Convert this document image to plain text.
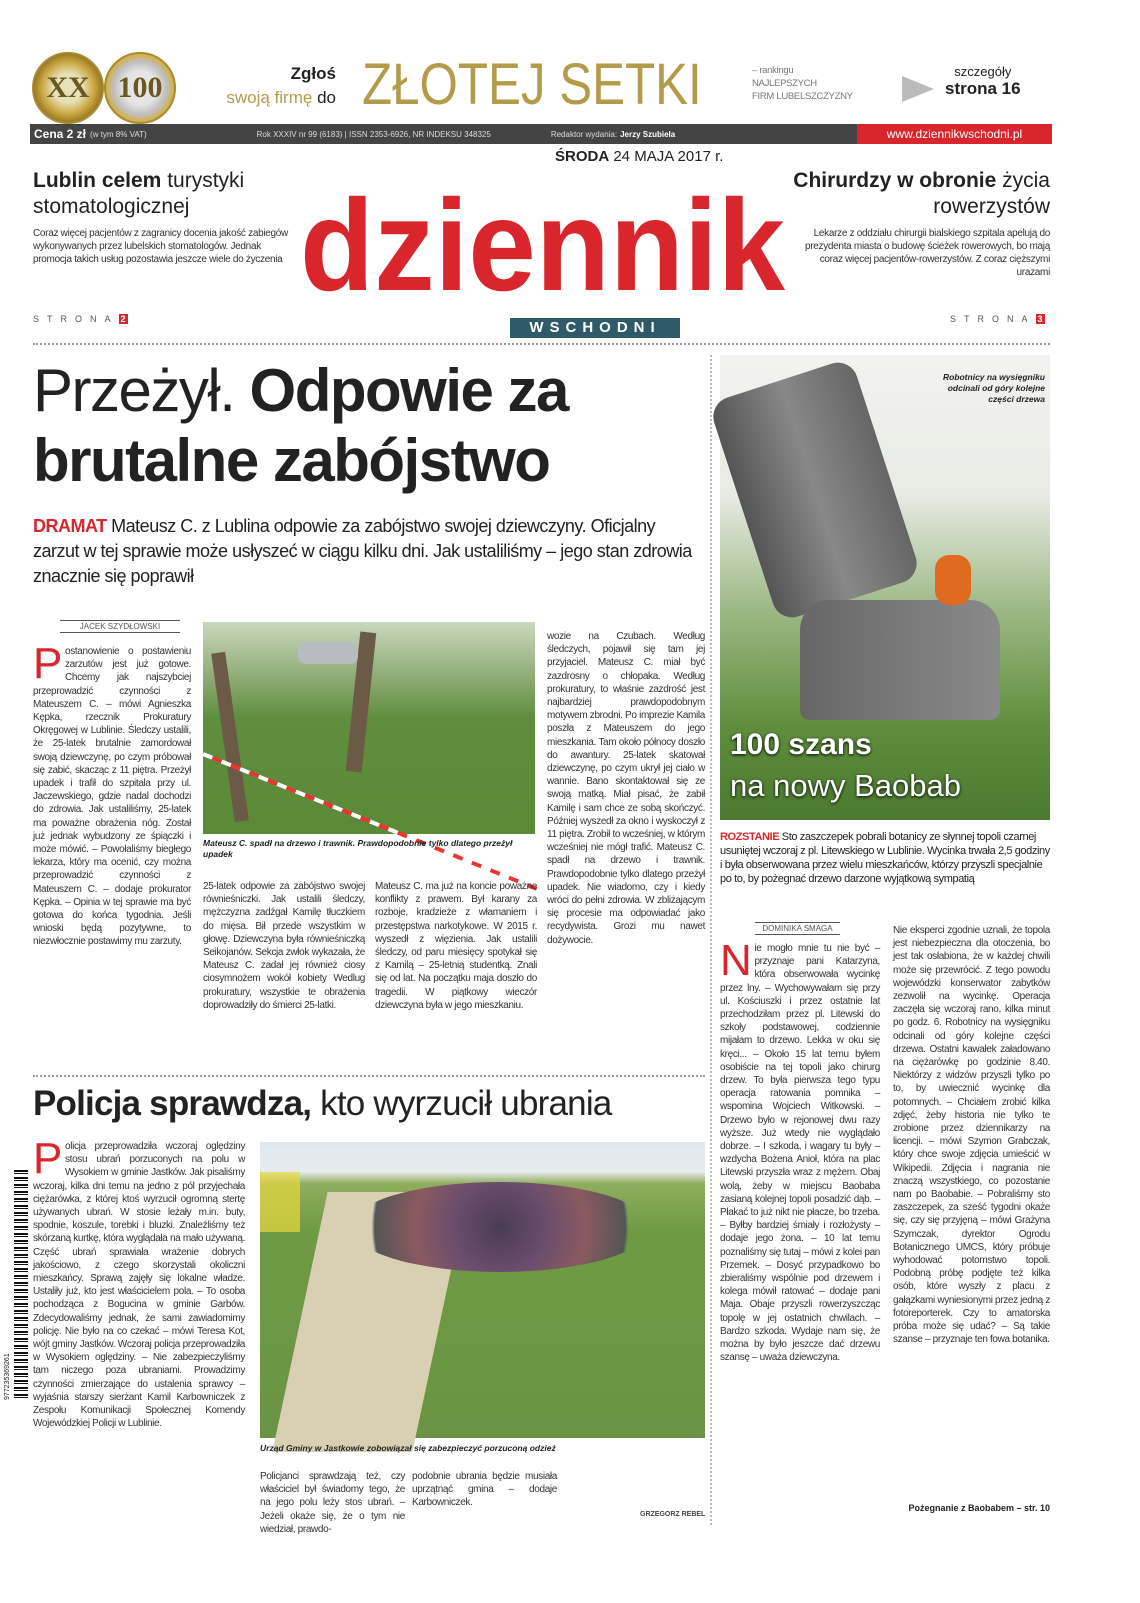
XX 100	Zgłoś
swoją firmę do ZŁOTEJ SETKI	– rankingu
NAJLEPSZYCH
FIRM LUBELSZCZYZNY
szczegóły
strona 16
Cena 2 zł (w tym 8% VAT)	Rok XXXIV nr 99 (6183) | ISSN 2353-6926, NR INDEKSU 348325	Redaktor wydania: Jerzy Szubiela	www.dziennikwschodni.pl
Lublin celem turystyki stomatologicznej
Coraz więcej pacjentów z zagranicy docenia jakość zabiegów wykonywanych przez lubelskich stomatologów. Jednak promocja takich usług pozostawia jeszcze wiele do życzenia
STRONA 2
Chirurdzy w obronie życia rowerzystów
Lekarze z oddziału chirurgii bialskiego szpitala apelują do prezydenta miasta o budowę ścieżek rowerowych, bo mają coraz więcej pacjentów-rowerzystów. Z coraz cięższymi urazami
STRONA 3
ŚRODA 24 MAJA 2017 r.
dziennik
WSCHODNI
Przeżył. Odpowie za brutalne zabójstwo
DRAMAT Mateusz C. z Lublina odpowie za zabójstwo swojej dziewczyny. Oficjalny zarzut w tej sprawie może usłyszeć w ciągu kilku dni. Jak ustaliliśmy – jego stan zdrowia znacznie się poprawił
JACEK SZYDŁOWSKI
Postanowienie o postawieniu zarzutów jest już gotowe. Chcemy jak najszybciej przeprowadzić czynności z Mateuszem C. – mówi Agnieszka Kępka, rzecznik Prokuratury Okręgowej w Lublinie. Śledczy ustalili, że 25-latek brutalnie zamordował swoją dziewczynę, po czym próbował się zabić, skacząc z 11 piętra. Przeżył upadek i trafił do szpitala przy ul. Jaczewskiego, gdzie nadal dochodzi do zdrowia. Jak ustaliliśmy, 25-latek ma poważne obrażenia nóg. Został już jednak wybudzony ze śpiączki i może mówić. – Powołaliśmy biegłego lekarza, który ma ocenić, czy można przeprowadzić czynności z Mateuszem C. – dodaje prokurator Kępka. – Opinia w tej sprawie ma być gotowa do końca tygodnia. Jeśli wnioski będą pozytywne, to niezwłocznie postawimy mu zarzuty.
Mateusz C. spadł na drzewo i trawnik. Prawdopodobnie tylko dlatego przeżył upadek
25-latek odpowie za zabójstwo swojej równieśniczki. Jak ustalili śledczy, mężczyzna zadźgał Kamilę tłuczkiem do mięsa. Bił przede wszystkim w głowę. Dziewczyna była równieśniczką Seikojanów. Sekcja zwłok wykazała, że Mateusz C. zadał jej również ciosy ciosymnożem wokół kobiety Wedlug prokuratury, wszystkie te obrażenia doprowadziły do śmierci 25-latki.
Mateusz C. ma już na koncie poważne konflikty z prawem. Był karany za rozboje, kradzieże z włamaniem i przestępstwa narkotykowe. W 2015 r. wyszedł z więzienia. Jak ustalili śledczy, od paru miesięcy spotykał się z Kamilą – 25-letnią studentką. Znali się od lat. Na początku maja doszło do tragedii. W piątkowy wieczór dziewczyna była w jego mieszkaniu.
wozie na Czubach. Według śledczych, pojawił się tam jej przyjaciel. Mateusz C. miał być zazdrosny o chłopaka. Według prokuratury, to właśnie zazdrość jest najbardziej prawdopodobnym motywem zbrodni. Po imprezie Kamila poszła z Mateuszem do jego mieszkania. Tam około północy doszło do awantury. 25-latek skatował dziewczynę, po czym ukrył jej ciało w wannie. Bano skontaktował się ze swoją matką. Miał pisać, że zabił Kamilę i sam chce ze sobą skończyć. Później wyszedł za okno i wyskoczył z 11 piętra. Zrobił to wcześniej, w którym wcześniej nie mógł trafić. Mateusz C. spadł na drzewo i trawnik. Prawdopodobnie tylko dlatego przeżył upadek. Nie wiadomo, czy i kiedy wróci do pełni zdrowia. W zbliżającym się procesie ma odpowiadać jako recydywista. Grozi mu nawet dożywocie.
100 szans
na nowy Baobab
Robotnicy na wysięgniku odcinali od góry kolejne części drzewa
ROZSTANIE Sto zaszczepek pobrali botanicy ze słynnej topoli czarnej usuniętej wczoraj z pl. Litewskiego w Lublinie. Wycinka trwała 2,5 godziny i była obserwowana przez wielu mieszkańców, którzy przyszli specjalnie po to, by pożegnać drzewo darzone wyjątkową sympatią
DOMINIKA SMAGA
Nie mogło mnie tu nie być – przyznaje pani Katarzyna, która obserwowała wycinkę przez lny. – Wychowywałam się przy ul. Kościuszki i przez ostatnie lat przechodziłam przez pl. Litewski do szkoły podstawowej, codziennie mijałam to drzewo. Lekka w oku się kręci... – Około 15 lat temu byłem osobiście na tej topoli jako chirurg drzew. To była pierwsza tego typu operacja ratowania pomnika – wspomina Wojciech Witkowski. – Drzewo było w rejonowej dwu razy wyższe. Już wtedy nie wyglądało dobrze. – I szkoda, i wagary tu były – wzdycha Bożena Anioł, która na plac Litewski przyszła wraz z mężem. Obaj wolą, żeby w miejscu Baobaba zasianą kolejnej topoli posadzić dąb. – Płakać to już nikt nie płacze, bo trzeba. – Byłby bardziej śmiały i rozłożysty – dodaje jego żona. – 10 lat temu poznaliśmy się tutaj – mówi z kolei pan Przemek. – Dosyć przypadkowo bo zbieraliśmy wspólnie pod drzewem i kolega mówił ratować – dodaje pani Maja. Obaje przyszli rowerzyszcząc topolę w jej ostatnich chwilach. – Bardzo szkoda. Wydaje nam się, że można by było jeszcze dać drzewu szansę – uważa dziewczyna.
Nie eksperci zgodnie uznali, że topola jest niebezpieczna dla otoczenia, bo jest tak osłabiona, że w każdej chwili może się przewrócić. Z tego powodu wojewódzki konserwator zabytków zezwolił na wycinkę. Operacja zaczęła się wczoraj rano, kilka minut po godz. 6. Robotnicy na wysięgniku odcinali od góry kolejne części drzewa. Ostatni kawałek załadowano na ciężarówkę po godzinie 8.40. Niektórzy z widzów przyszli tylko po to, by uwiecznić wycinkę dla potomnych. – Chciałem zrobić kilka zdjęć, żeby historia nie tylko te zrobione przez dziennikarzy na licencji. – mówi Szymon Grabczak, który chce swoje zdjęcia umieścić w Wikipedii. Zdjęcia i nagrania nie znaczą wszystkiego, co pozostanie nam po Baobabie. – Pobraliśmy sto zaszczepek, za sześć tygodni okaże się, czy się przyjęną – mówi Grażyna Szymczak, dyrektor Ogrodu Botanicznego UMCS, który próbuje wyhodować potomstwo topoli. Podobną próbę podjęte też kilka osób, które wyszły z placu z gałązkami wyniesionymi przez jedną z fotoreporterek. Czy to amatorska próba może się udać? – Są takie szanse – przyznaje ten fowa botanika.
Pożegnanie z Baobabem – str. 10
Policja sprawdza, kto wyrzucił ubrania
Policja przeprowadziła wczoraj oględziny stosu ubrań porzuconych na polu w Wysokiem w gminie Jastków. Jak pisaliśmy wczoraj, kilka dni temu na jedno z pól przyjechała ciężarówka, z której ktoś wyrzucił ogromną stertę używanych ubrań. W stosie leżały m.in. buty, spodnie, koszule, torebki i bluzki. Znaleźliśmy też skórzaną kurtkę, która wyglądała na mało używaną. Część ubrań sprawiała wrażenie dobrych jakościowo, z czego skorzystali okoliczni mieszkańcy. Sprawą zajęły się lokalne władze. Ustaliły już, kto jest właścicielem pola. – To osoba pochodząca z Bogucina w gminie Garbów. Zdecydowaliśmy jednak, że sami zawiadomimy policję. Nie było na co czekać – mówi Teresa Kot, wójt gminy Jastków. Wczoraj policja przeprowadziła w Wysokiem oględziny. – Nie zabezpieczyliśmy tam niczego poza ubraniami. Prowadzimy czynności zmierzające do ustalenia sprawcy – wyjaśnia starszy sierżant Kamil Karbowniczek z Zespołu Komunikacji Społecznej Komendy Wojewódzkiej Policji w Lublinie.
Urząd Gminy w Jastkowie zobowiązał się zabezpieczyć porzuconą odzież
Policjanci sprawdzają też, czy właściciel był świadomy tego, że na jego polu leży stos ubrań. – Jeżeli okaże się, że o tym nie wiedział, prawdo-
podobnie ubrania będzie musiała uprzątnąć gmina – dodaje Karbowniczek.
GRZEGORZ REBEL
977235369261
